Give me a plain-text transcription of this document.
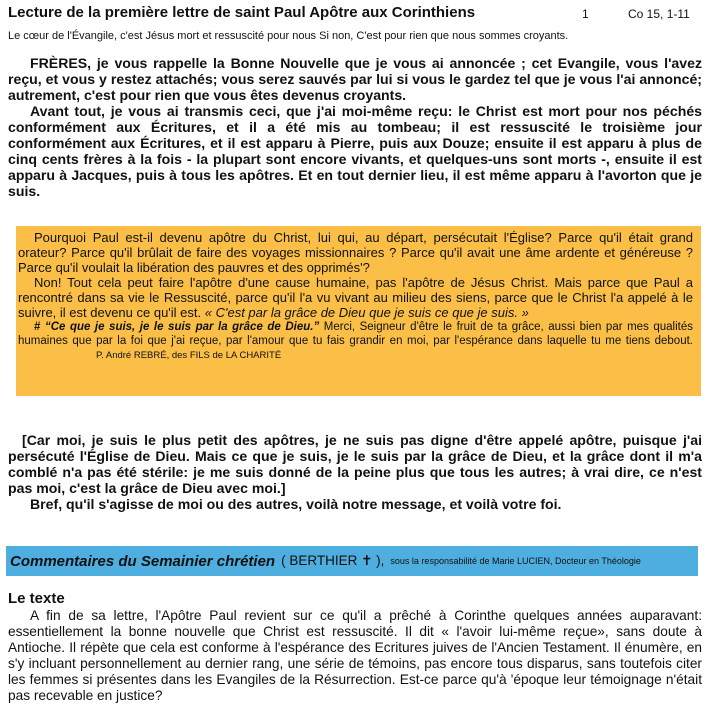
Lecture de la première lettre de saint Paul Apôtre aux Corinthiens	1	Co 15, 1-11
Le cœur de l'Évangile, c'est Jésus mort et ressuscité pour nous Si non, C'est pour rien que nous sommes croyants.

FRÈRES, je vous rappelle la Bonne Nouvelle que je vous ai annoncée ; cet Evangile, vous l'avez reçu, et vous y restez attachés; vous serez sauvés par lui si vous le gardez tel que je vous l'ai annoncé; autrement, c'est pour rien que vous êtes devenus croyants.

Avant tout, je vous ai transmis ceci, que j'ai moi-même reçu: le Christ est mort pour nos péchés conformément aux Écritures, et il a été mis au tombeau; il est ressuscité le troisième jour conformément aux Écritures, et il est apparu à Pierre, puis aux Douze; ensuite il est apparu à plus de cinq cents frères à la fois - la plupart sont encore vivants, et quelques-uns sont morts -, ensuite il est apparu à Jacques, puis à tous les apôtres. Et en tout dernier lieu, il est même apparu à l'avorton que je suis.

Pourquoi Paul est-il devenu apôtre du Christ, lui qui, au départ, persécutait l'Église? Parce qu'il était grand orateur? Parce qu'il brûlait de faire des voyages missionnaires ? Parce qu'il avait une âme ardente et généreuse ? Parce qu'il voulait la libération des pauvres et des opprimés'?

Non! Tout cela peut faire l'apôtre d'une cause humaine, pas l'apôtre de Jésus Christ. Mais parce que Paul a rencontré dans sa vie le Ressuscité, parce qu'il l'a vu vivant au milieu des siens, parce que le Christ l'a appelé à le suivre, il est devenu ce qu'il est. « C'est par la grâce de Dieu que je suis ce que je suis. »

# “Ce que je suis, je le suis par la grâce de Dieu.” Merci, Seigneur d'être le fruit de ta grâce, aussi bien par mes qualités humaines que par la foi que j'ai reçue, par l'amour que tu fais grandir en moi, par l'espérance dans laquelle tu me tiens debout.P. André REBRÉ, des FILS de LA CHARITÉ

[Car moi, je suis le plus petit des apôtres, je ne suis pas digne d'être appelé apôtre, puisque j'ai persécuté l'Église de Dieu. Mais ce que je suis, je le suis par la grâce de Dieu, et la grâce dont il m'a comblé n'a pas été stérile: je me suis donné de la peine plus que tous les autres; à vrai dire, ce n'est pas moi, c'est la grâce de Dieu avec moi.]

Bref, qu'il s'agisse de moi ou des autres, voilà notre message, et voilà votre foi.

Commentaires du Semainier chrétien ( BERTHIER ✝ ), sous la responsabilité de Marie LUCIEN, Docteur en Théologie
Le texte

A fin de sa lettre, l'Apôtre Paul revient sur ce qu'il a prêché à Corinthe quelques années auparavant: essentiellement la bonne nouvelle que Christ est ressuscité. Il dit « l'avoir lui-même reçue», sans doute à Antioche. Il répète que cela est conforme à l'espérance des Ecritures juives de l'Ancien Testament. Il énumère, en s'y incluant personnellement au dernier rang, une série de témoins, pas encore tous disparus, sans toutefois citer les femmes si présentes dans les Evangiles de la Résurrection. Est-ce parce qu'à 'époque leur témoignage n'était pas recevable en justice?
